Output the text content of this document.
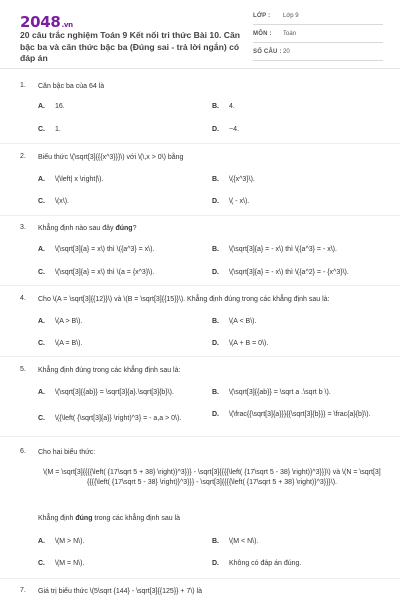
2048.vn
20 câu trắc nghiệm Toán 9 Kết nối tri thức Bài 10. Căn bậc ba và căn thức bậc ba (Đúng sai - trả lời ngắn) có đáp án
LỚP : Lớp 9
MÔN : Toán
SỐ CÂU : 20
1. Căn bậc ba của 64 là
A. 16.	B. 4.
C. 1.	D. −4.
2. Biểu thức \(\sqrt[3]{{{x^3}}}\) với \(\,x > 0\) bằng
A. \(\left| x \right|\).	B. \({x^3}\).
C. \(x\).	D. \( - x\).
3. Khẳng định nào sau đây đúng?
A. \(\sqrt[3]{a} = x\) thì \({a^3} = x\).	B. \(\sqrt[3]{a} = - x\) thì \({a^3} = - x\).
C. \(\sqrt[3]{a} = x\) thì \(a = {x^3}\).	D. \(\sqrt[3]{a} = - x\) thì \({a^2} = - {x^3}\).
4. Cho \(A = \sqrt[3]{{12}}\) và \(B = \sqrt[3]{{15}}\). Khẳng định đúng trong các khẳng định sau là:
A. \(A > B\).	B. \(A < B\).
C. \(A = B\).	D. \(A + B = 0\).
5. Khẳng định đúng trong các khẳng định sau là:
A. \(\sqrt[3]{{ab}} = \sqrt[3]{a}.\sqrt[3]{b}\).	B. \(\sqrt[3]{{ab}} = \sqrt a .\sqrt b \).
C. \({\left( {\sqrt[3]{a}} \right)^3} = - a,a > 0\).
D. \(\frac{{\sqrt[3]{a}}}{{\sqrt[3]{b}}} = \frac{a}{b}\).
6. Cho hai biểu thức:
\(M = \sqrt[3]{{{{\left( {17\sqrt 5 + 38} \right)}^3}}} - \sqrt[3]{{{{\left( {17\sqrt 5 - 38} \right)}^3}}}\) và \(N = \sqrt[3]{{{{\left( {17\sqrt 5 - 38} \right)}^3}}} - \sqrt[3]{{{{\left( {17\sqrt 5 + 38} \right)}^3}}}\).
Khẳng định đúng trong các khẳng định sau là
A. \(M > N\).	B. \(M < N\).
C. \(M = N\).	D. Không có đáp án đúng.
7. Giá trị biểu thức \(5\sqrt {144} - \sqrt[3]{{125}} + 7\) là
